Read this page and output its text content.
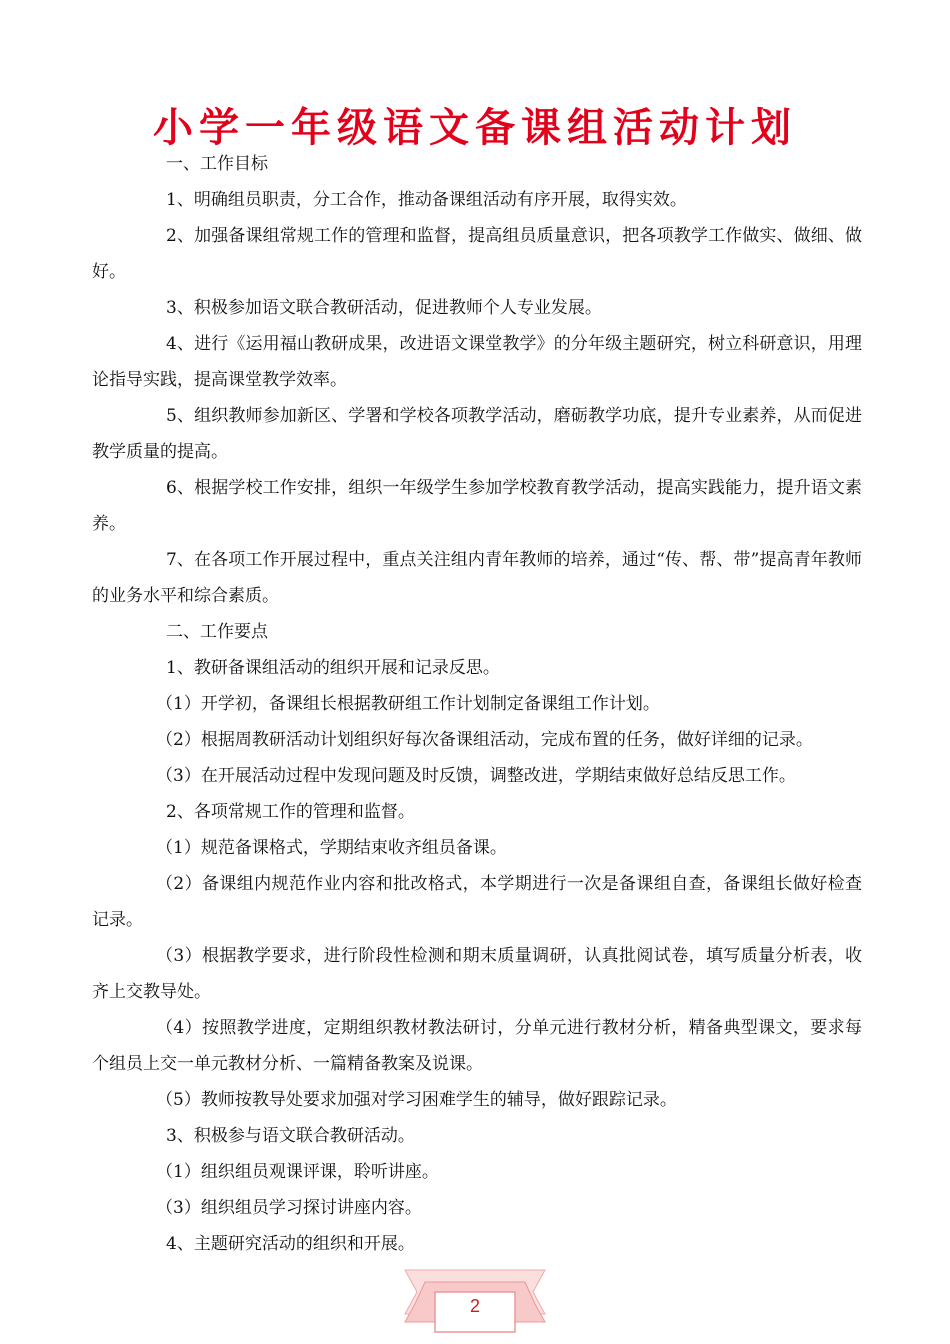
小学一年级语文备课组活动计划

一、工作目标

1、明确组员职责，分工合作，推动备课组活动有序开展，取得实效。

2、加强备课组常规工作的管理和监督，提高组员质量意识，把各项教学工作做实、做细、做好。

3、积极参加语文联合教研活动，促进教师个人专业发展。

4、进行《运用福山教研成果，改进语文课堂教学》的分年级主题研究，树立科研意识，用理论指导实践，提高课堂教学效率。

5、组织教师参加新区、学署和学校各项教学活动，磨砺教学功底，提升专业素养，从而促进教学质量的提高。

6、根据学校工作安排，组织一年级学生参加学校教育教学活动，提高实践能力，提升语文素养。

7、在各项工作开展过程中，重点关注组内青年教师的培养，通过“传、帮、带”提高青年教师的业务水平和综合素质。

二、工作要点

1、教研备课组活动的组织开展和记录反思。

（1）开学初，备课组长根据教研组工作计划制定备课组工作计划。

（2）根据周教研活动计划组织好每次备课组活动，完成布置的任务，做好详细的记录。

（3）在开展活动过程中发现问题及时反馈，调整改进，学期结束做好总结反思工作。

2、各项常规工作的管理和监督。

（1）规范备课格式，学期结束收齐组员备课。

（2）备课组内规范作业内容和批改格式，本学期进行一次是备课组自查，备课组长做好检查记录。

（3）根据教学要求，进行阶段性检测和期末质量调研，认真批阅试卷，填写质量分析表，收齐上交教导处。

（4）按照教学进度，定期组织教材教法研讨，分单元进行教材分析，精备典型课文，要求每个组员上交一单元教材分析、一篇精备教案及说课。

（5）教师按教导处要求加强对学习困难学生的辅导，做好跟踪记录。

3、积极参与语文联合教研活动。

（1）组织组员观课评课，聆听讲座。

（3）组织组员学习探讨讲座内容。

4、主题研究活动的组织和开展。

2
